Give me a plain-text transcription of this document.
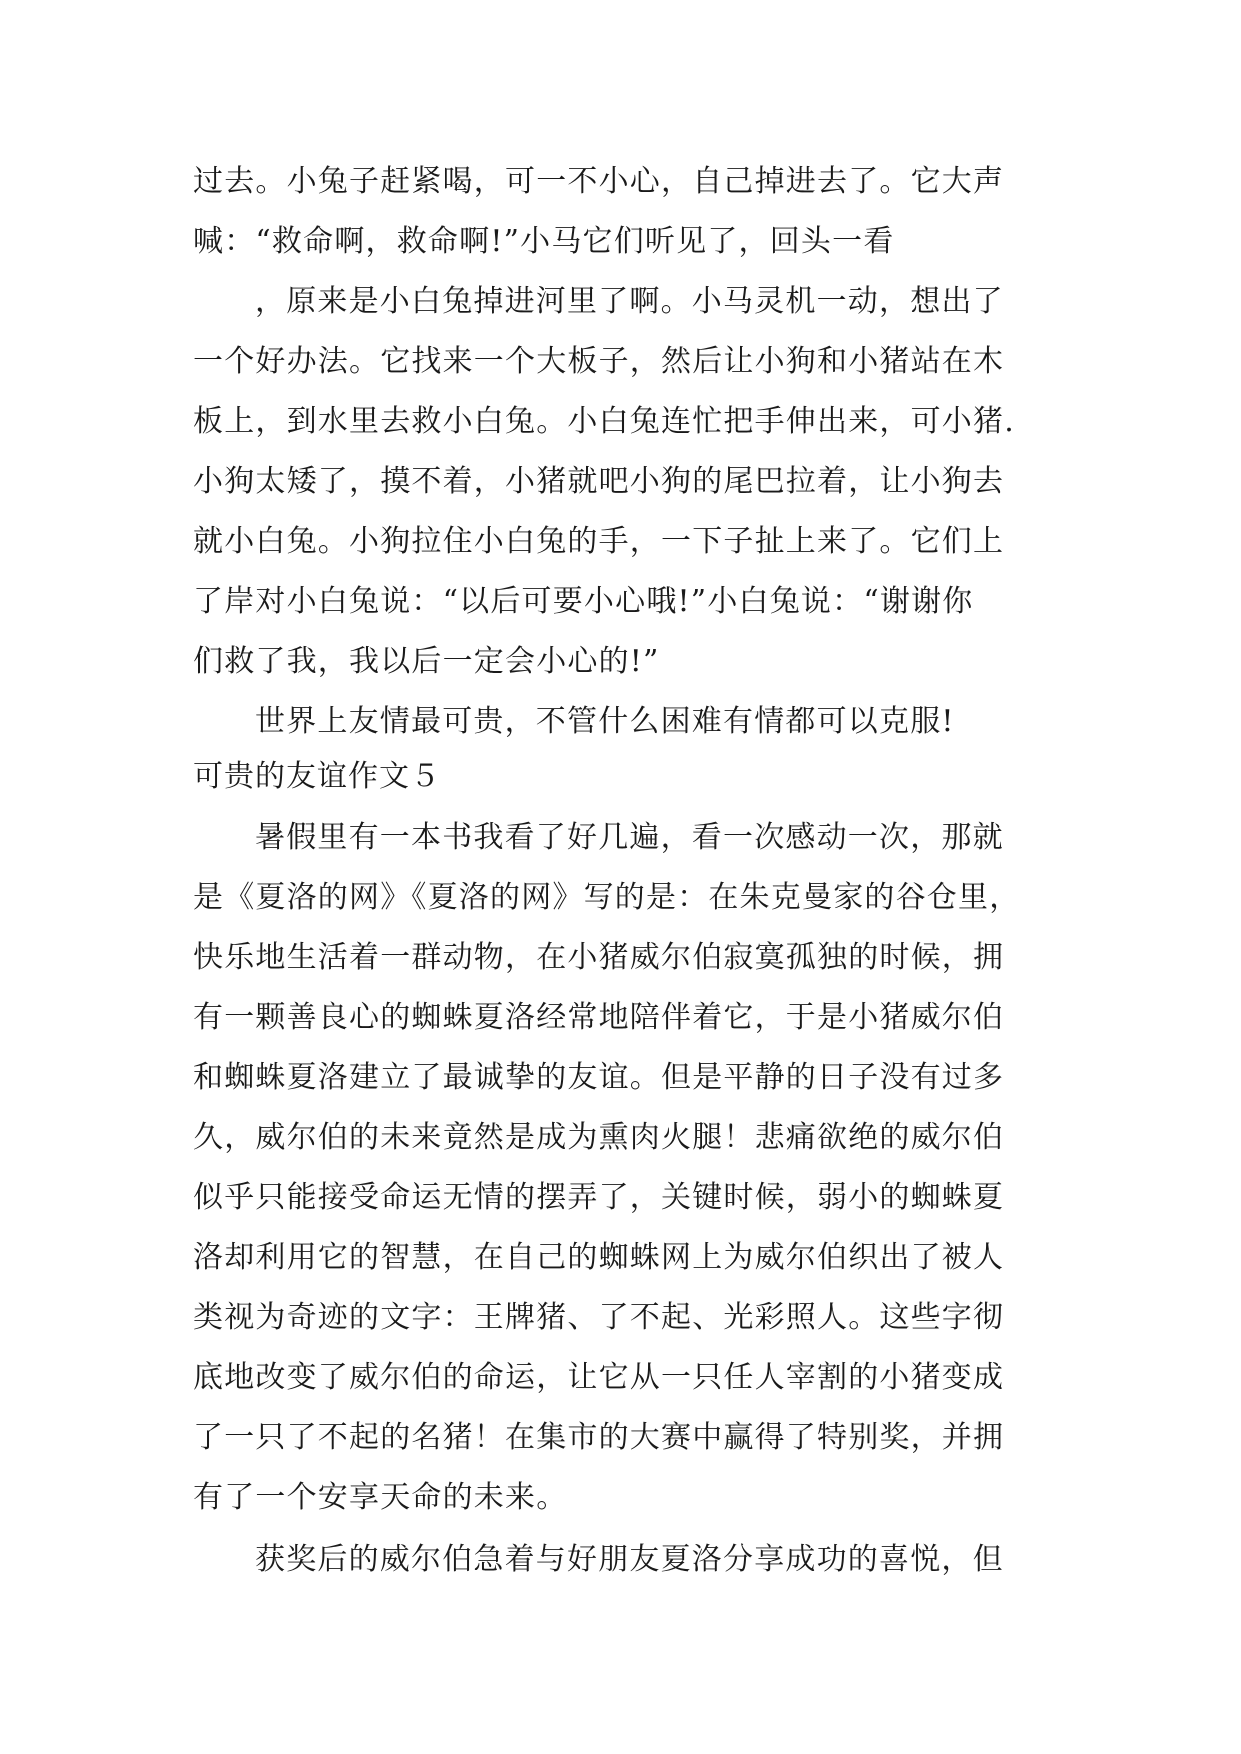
过去。小兔子赶紧喝，可一不小心，自己掉进去了。它大声
喊：“救命啊，救命啊!”小马它们听见了，回头一看
，原来是小白兔掉进河里了啊。小马灵机一动，想出了
一个好办法。它找来一个大板子，然后让小狗和小猪站在木
板上，到水里去救小白兔。小白兔连忙把手伸出来，可小猪.
小狗太矮了，摸不着，小猪就吧小狗的尾巴拉着，让小狗去
就小白兔。小狗拉住小白兔的手，一下子扯上来了。它们上
了岸对小白兔说：“以后可要小心哦!”小白兔说：“谢谢你
们救了我，我以后一定会小心的!”
世界上友情最可贵，不管什么困难有情都可以克服!
可贵的友谊作文５
暑假里有一本书我看了好几遍，看一次感动一次，那就
是《夏洛的网》《夏洛的网》写的是：在朱克曼家的谷仓里，
快乐地生活着一群动物，在小猪威尔伯寂寞孤独的时候，拥
有一颗善良心的蜘蛛夏洛经常地陪伴着它，于是小猪威尔伯
和蜘蛛夏洛建立了最诚挚的友谊。但是平静的日子没有过多
久，威尔伯的未来竟然是成为熏肉火腿！悲痛欲绝的威尔伯
似乎只能接受命运无情的摆弄了，关键时候，弱小的蜘蛛夏
洛却利用它的智慧，在自己的蜘蛛网上为威尔伯织出了被人
类视为奇迹的文字：王牌猪、了不起、光彩照人。这些字彻
底地改变了威尔伯的命运，让它从一只任人宰割的小猪变成
了一只了不起的名猪！在集市的大赛中赢得了特别奖，并拥
有了一个安享天命的未来。
获奖后的威尔伯急着与好朋友夏洛分享成功的喜悦，但
